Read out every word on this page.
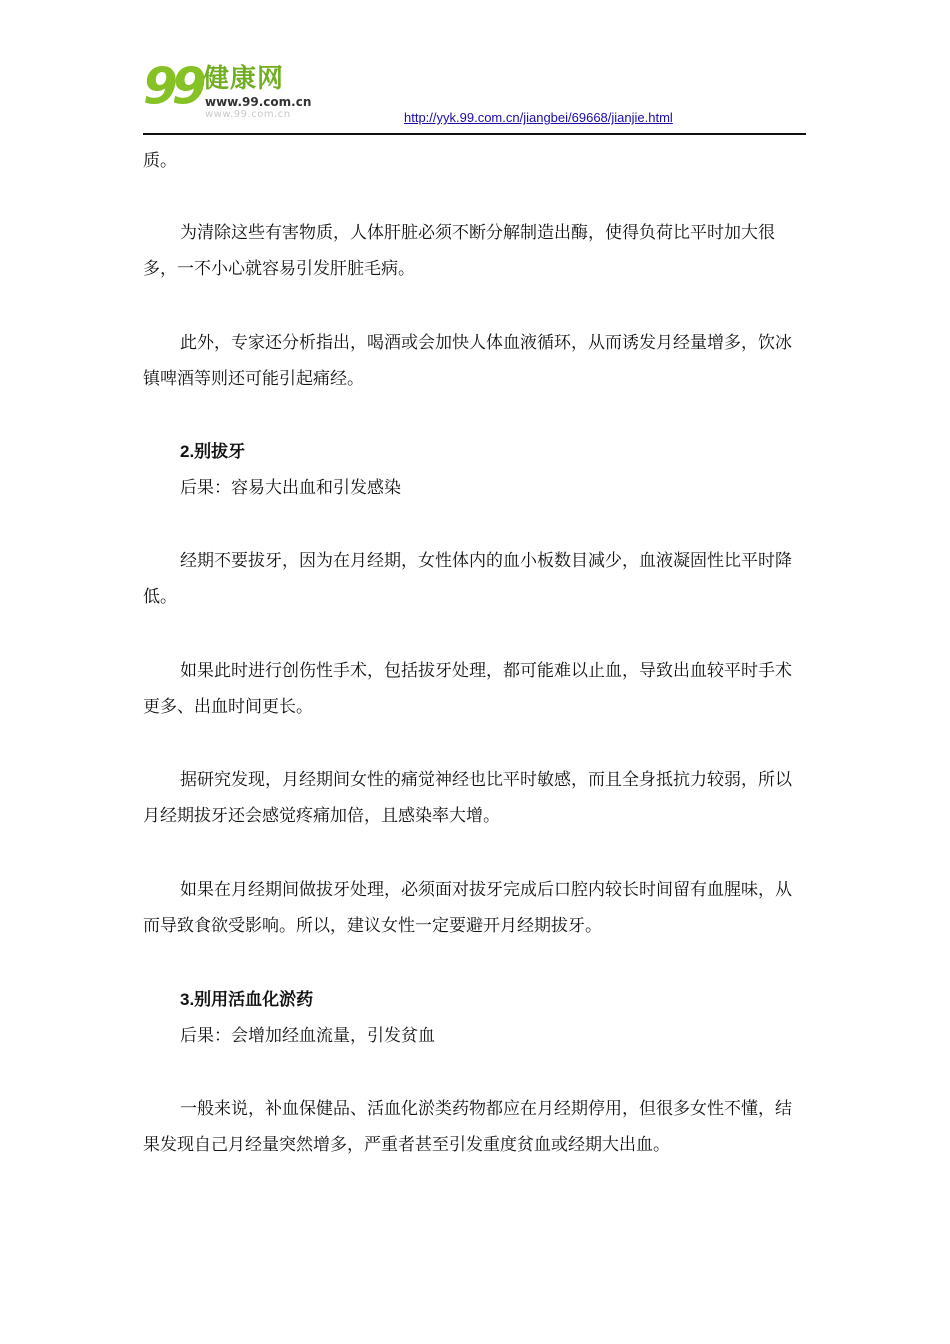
99 健康网
www.99.com.cn
www.99.com.cn	http://yyk.99.com.cn/jiangbei/69668/jianjie.html

质。

为清除这些有害物质，人体肝脏必须不断分解制造出酶，使得负荷比平时加大很多，一不小心就容易引发肝脏毛病。

此外，专家还分析指出，喝酒或会加快人体血液循环，从而诱发月经量增多，饮冰镇啤酒等则还可能引起痛经。

2.别拔牙

后果：容易大出血和引发感染

经期不要拔牙，因为在月经期，女性体内的血小板数目减少，血液凝固性比平时降低。

如果此时进行创伤性手术，包括拔牙处理，都可能难以止血，导致出血较平时手术更多、出血时间更长。

据研究发现，月经期间女性的痛觉神经也比平时敏感，而且全身抵抗力较弱，所以月经期拔牙还会感觉疼痛加倍，且感染率大增。

如果在月经期间做拔牙处理，必须面对拔牙完成后口腔内较长时间留有血腥味，从而导致食欲受影响。所以，建议女性一定要避开月经期拔牙。

3.别用活血化淤药

后果：会增加经血流量，引发贫血

一般来说，补血保健品、活血化淤类药物都应在月经期停用，但很多女性不懂，结果发现自己月经量突然增多，严重者甚至引发重度贫血或经期大出血。
